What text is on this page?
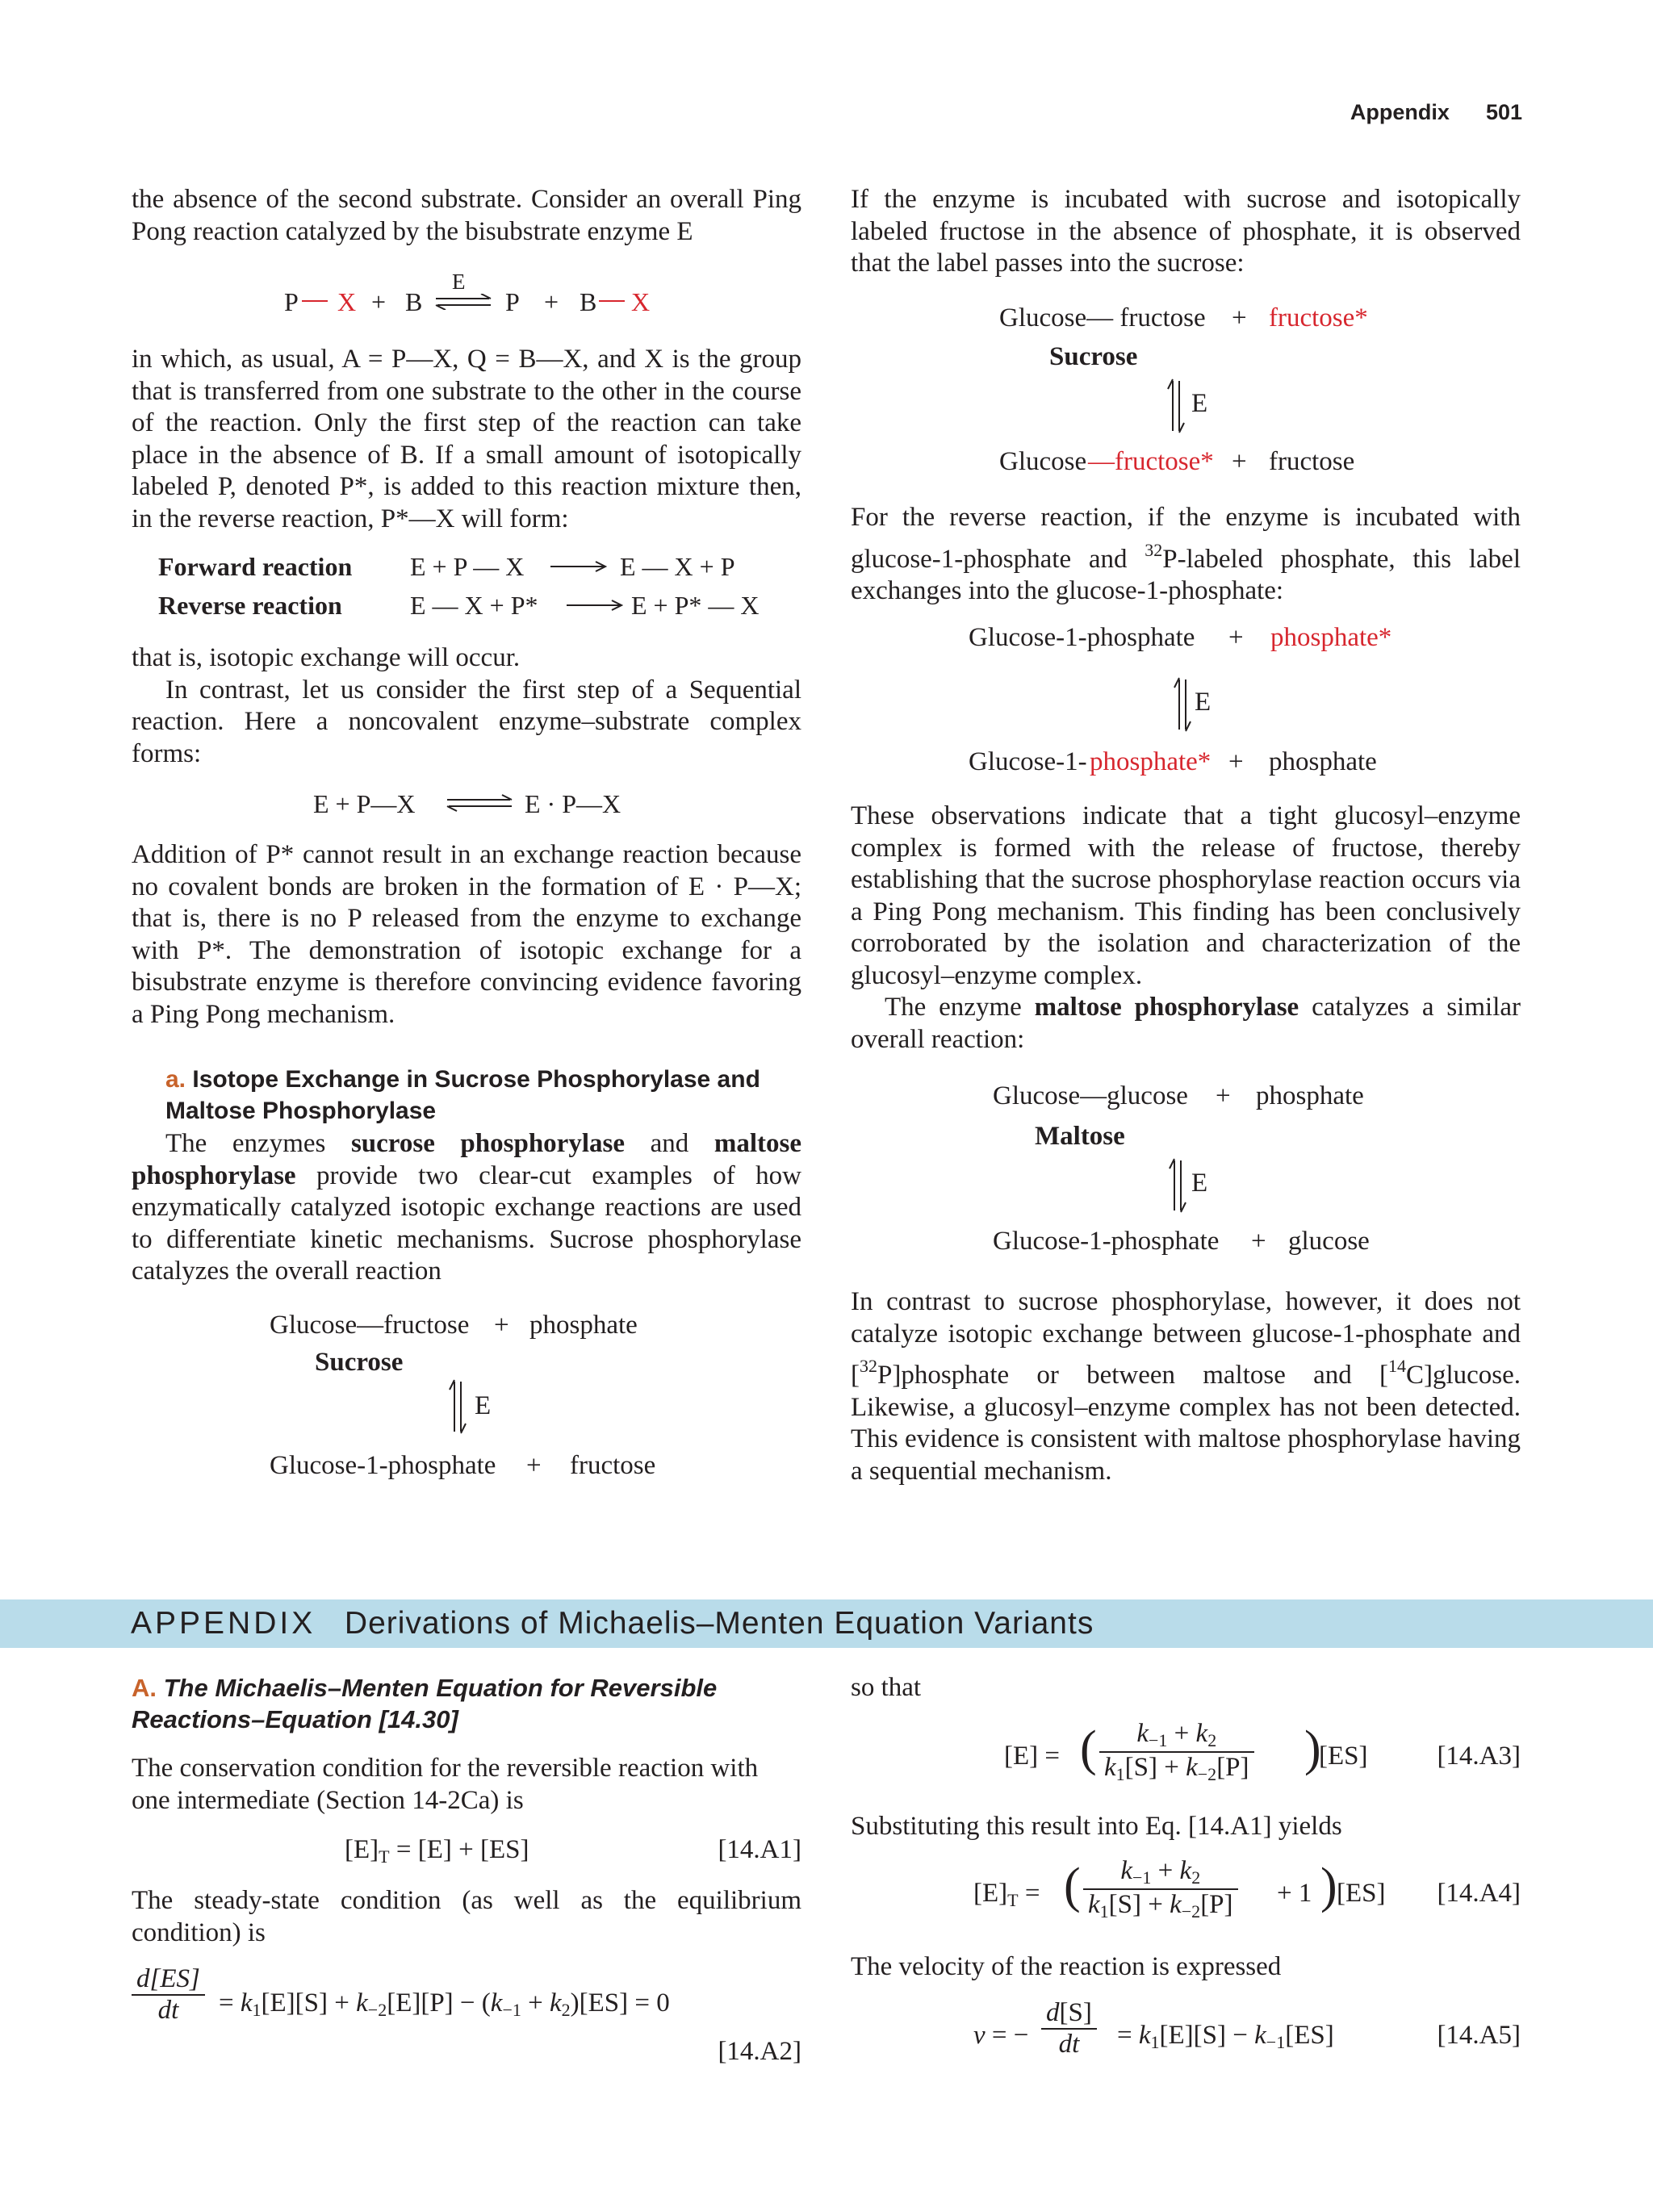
Appendix 501

the absence of the second substrate. Consider an overall Ping Pong reaction catalyzed by the bisubstrate enzyme E

P X + B
E
⇌ P + B X

in which, as usual, A = P—X, Q = B—X, and X is the group that is transferred from one substrate to the other in the course of the reaction. Only the first step of the reaction can take place in the absence of B. If a small amount of isotopically labeled P, denoted P*, is added to this reaction mixture then, in the reverse reaction, P*—X will form:

Forward reaction E + P — X	E — X + P
Reverse reaction	E — X + P*	E + P* — X

that is, isotopic exchange will occur.

In contrast, let us consider the first step of a Sequential reaction. Here a noncovalent enzyme–substrate complex forms:

E + P—X ⇌ E · P—X

Addition of P* cannot result in an exchange reaction because no covalent bonds are broken in the formation of E · P—X; that is, there is no P released from the enzyme to exchange with P*. The demonstration of isotopic exchange for a bisubstrate enzyme is therefore convincing evidence favoring a Ping Pong mechanism.

a. Isotope Exchange in Sucrose Phosphorylase and Maltose Phosphorylase

The enzymes sucrose phosphorylase and maltose phosphorylase provide two clear-cut examples of how enzymatically catalyzed isotopic exchange reactions are used to differentiate kinetic mechanisms. Sucrose phosphorylase catalyzes the overall reaction

Glucose—fructose + phosphate
Sucrose
E
Glucose-1-phosphate + fructose

If the enzyme is incubated with sucrose and isotopically labeled fructose in the absence of phosphate, it is observed that the label passes into the sucrose:

Glucose— fructose + fructose*
Sucrose
E
Glucose —fructose* + fructose

For the reverse reaction, if the enzyme is incubated with glucose-1-phosphate and $^{32}$P-labeled phosphate, this label exchanges into the glucose-1-phosphate:

Glucose-1-phosphate + phosphate*
E
Glucose-1- phosphate* + phosphate

These observations indicate that a tight glucosyl–enzyme complex is formed with the release of fructose, thereby establishing that the sucrose phosphorylase reaction occurs via a Ping Pong mechanism. This finding has been conclusively corroborated by the isolation and characterization of the glucosyl–enzyme complex.

The enzyme maltose phosphorylase catalyzes a similar overall reaction:

Glucose—glucose + phosphate
Maltose
E
Glucose-1-phosphate + glucose

In contrast to sucrose phosphorylase, however, it does not catalyze isotopic exchange between glucose-1-phosphate and [$^{32}$P]phosphate or between maltose and [$^{14}$C]glucose. Likewise, a glucosyl–enzyme complex has not been detected. This evidence is consistent with maltose phosphorylase having a sequential mechanism.

APPENDIX Derivations of Michaelis–Menten Equation Variants
A. The Michaelis–Menten Equation for Reversible Reactions–Equation [14.30]

The conservation condition for the reversible reaction with one intermediate (Section 14-2Ca) is

$[E]_T = [E] + [ES]$	[14.A1]

The steady-state condition (as well as the equilibrium condition) is

$\frac{d[ES]}{dt} = k_1[E][S] + k_{-2}[E][P] - (k_{-1} + k_2)[ES] = 0$
[14.A2]

so that

[E] = ( $\frac{k_{-1} + k_2}{k_1[S] + k_{-2}[P]}$ )
[ES]	[14.A3]

Substituting this result into Eq. [14.A1] yields

$[E]_T$ = ( $\frac{k_{-1} + k_2}{k_1[S] + k_{-2}[P]} + 1$ ) [ES] [14.A4]

The velocity of the reaction is expressed

v = − $\frac{d[S]}{dt} = k_1[E][S] - k_{-1}[ES]$	[14.A5]
